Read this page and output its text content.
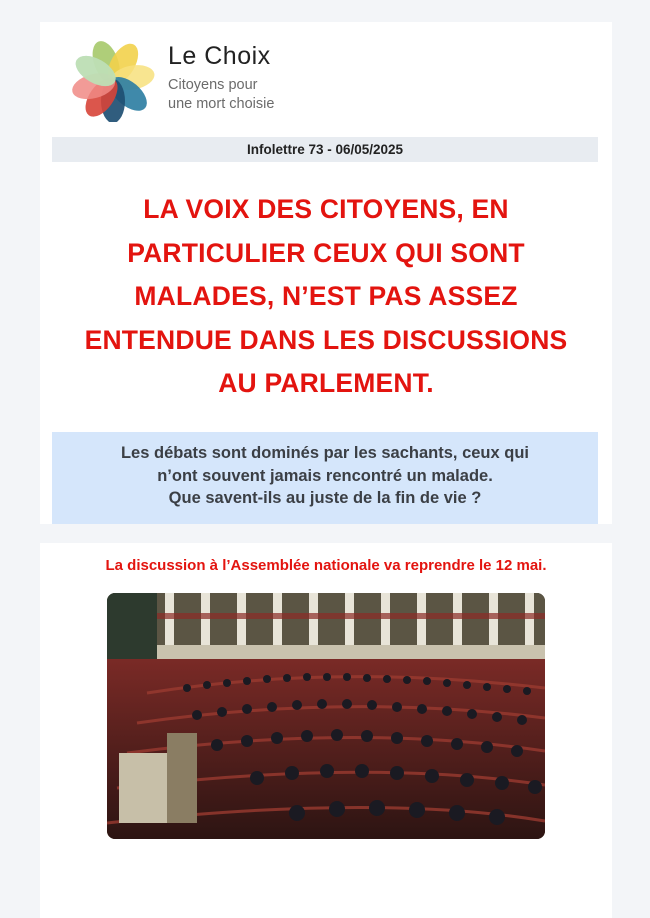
Le Choix
Citoyens pour
une mort choisie
Infolettre 73 - 06/05/2025
LA VOIX DES CITOYENS, EN
PARTICULIER CEUX QUI SONT
MALADES, N’EST PAS ASSEZ
ENTENDUE DANS LES DISCUSSIONS
AU PARLEMENT.
Les débats sont dominés par les sachants, ceux qui
n’ont souvent jamais rencontré un malade.
Que savent-ils au juste de la fin de vie ?
La discussion à l’Assemblée nationale va reprendre le 12 mai.
